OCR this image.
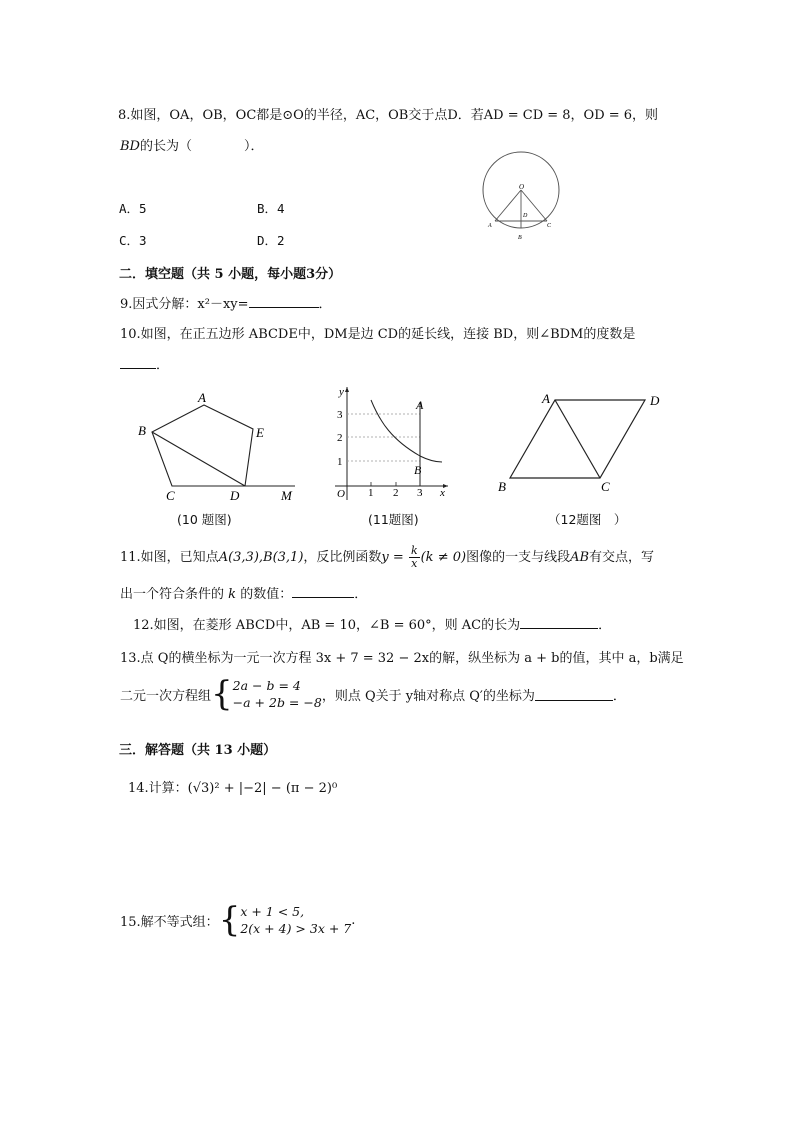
8.如图，OA，OB，OC都是⊙O的半径，AC，OB交于点D．若AD = CD = 8，OD = 6，则
BD的长为（　　　　）．
A．5	B．4
C．3	D．2
O
D
A	C
B
二．填空题（共 5 小题，每小题3分）
9.因式分解：x²－xy=	．
10.如图，在正五边形 ABCDE中，DM是边 CD的延长线，连接 BD，则∠BDM的度数是
．
A
B
C	D
E
M
(10 题图)
y
x
O
A
B
1
2
3
1 2 3
(11题图)
A
B	C
D
（12题图　）
11.如图，已知点A(3,3),B(3,1)，反比例函数$y = \frac{k}{x} (k \ne 0)$图像的一支与线段AB有交点，写
出一个符合条件的 k 的数值：	．
12.如图，在菱形 ABCD中，AB = 10，∠B = 60°，则 AC的长为	．
13.点 Q的横坐标为一元一次方程 3x + 7 = 32 − 2x的解，纵坐标为 a + b的值，其中 a，b满足
二元一次方程组 { 2a − b = 4
−a + 2b = −8 ，则点 Q关于 y轴对称点 Q′的坐标为	．
三．解答题（共 13 小题）
14.计算：(√3)² + |−2| − (π − 2)⁰
15.解不等式组： { x + 1 < 5,
2(x + 4) > 3x + 7
.
